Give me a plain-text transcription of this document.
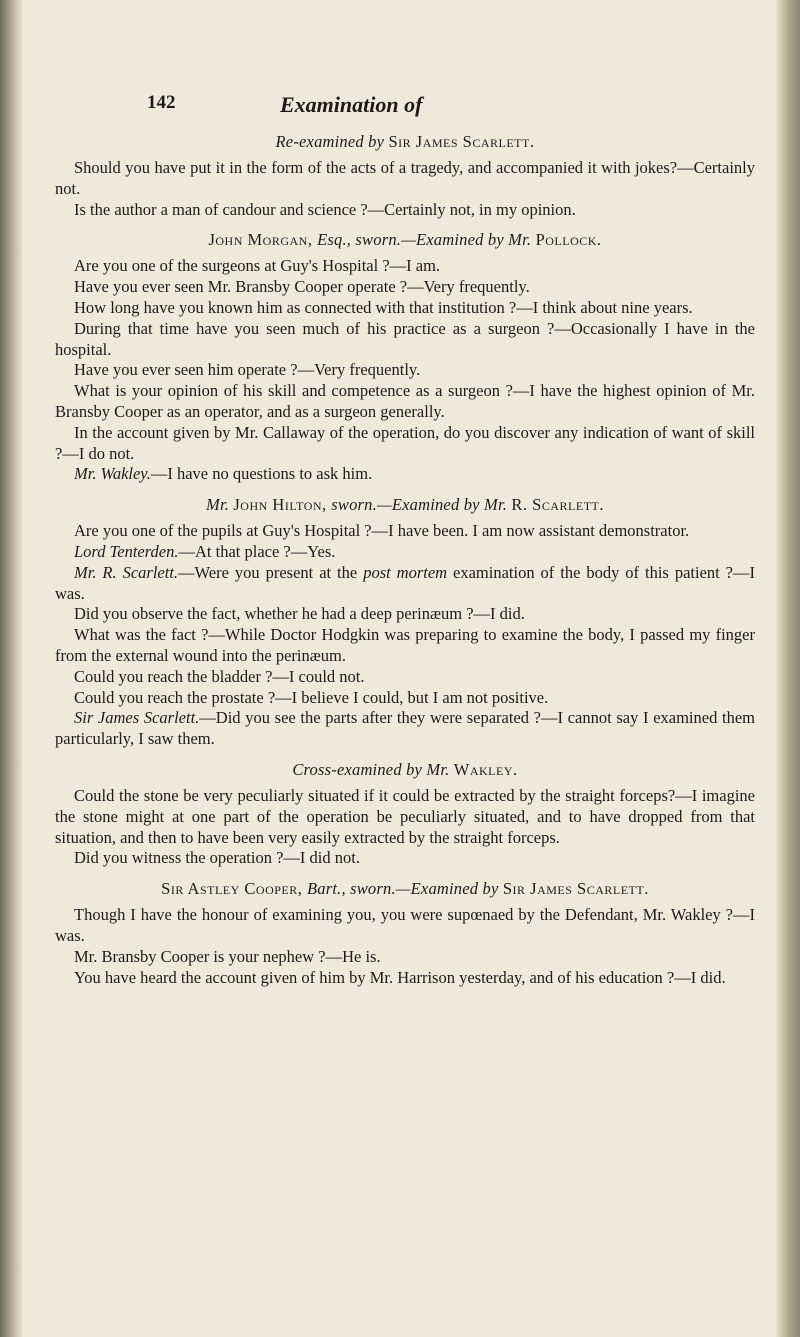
142	Examination of
Re-examined by Sir James Scarlett.

Should you have put it in the form of the acts of a tragedy, and accompanied it with jokes?—Certainly not.

Is the author a man of candour and science ?—Certainly not, in my opinion.

John Morgan, Esq., sworn.—Examined by Mr. Pollock.

Are you one of the surgeons at Guy's Hospital ?—I am.

Have you ever seen Mr. Bransby Cooper operate ?—Very frequently.

How long have you known him as connected with that institution ?—I think about nine years.

During that time have you seen much of his practice as a surgeon ?—Occasionally I have in the hospital.

Have you ever seen him operate ?—Very frequently.

What is your opinion of his skill and competence as a surgeon ?—I have the highest opinion of Mr. Bransby Cooper as an operator, and as a surgeon generally.

In the account given by Mr. Callaway of the operation, do you discover any indication of want of skill ?—I do not.

Mr. Wakley.—I have no questions to ask him.

Mr. John Hilton, sworn.—Examined by Mr. R. Scarlett.

Are you one of the pupils at Guy's Hospital ?—I have been. I am now assistant demonstrator.

Lord Tenterden.—At that place ?—Yes.

Mr. R. Scarlett.—Were you present at the post mortem examination of the body of this patient ?—I was.

Did you observe the fact, whether he had a deep perinæum ?—I did.

What was the fact ?—While Doctor Hodgkin was preparing to examine the body, I passed my finger from the external wound into the perinæum.

Could you reach the bladder ?—I could not.

Could you reach the prostate ?—I believe I could, but I am not positive.

Sir James Scarlett.—Did you see the parts after they were separated ?—I cannot say I examined them particularly, I saw them.

Cross-examined by Mr. Wakley.

Could the stone be very peculiarly situated if it could be extracted by the straight forceps?—I imagine the stone might at one part of the operation be peculiarly situated, and to have dropped from that situation, and then to have been very easily extracted by the straight forceps.

Did you witness the operation ?—I did not.

Sir Astley Cooper, Bart., sworn.—Examined by Sir James Scarlett.

Though I have the honour of examining you, you were supœnaed by the Defendant, Mr. Wakley ?—I was.

Mr. Bransby Cooper is your nephew ?—He is.

You have heard the account given of him by Mr. Harrison yesterday, and of his education ?—I did.
